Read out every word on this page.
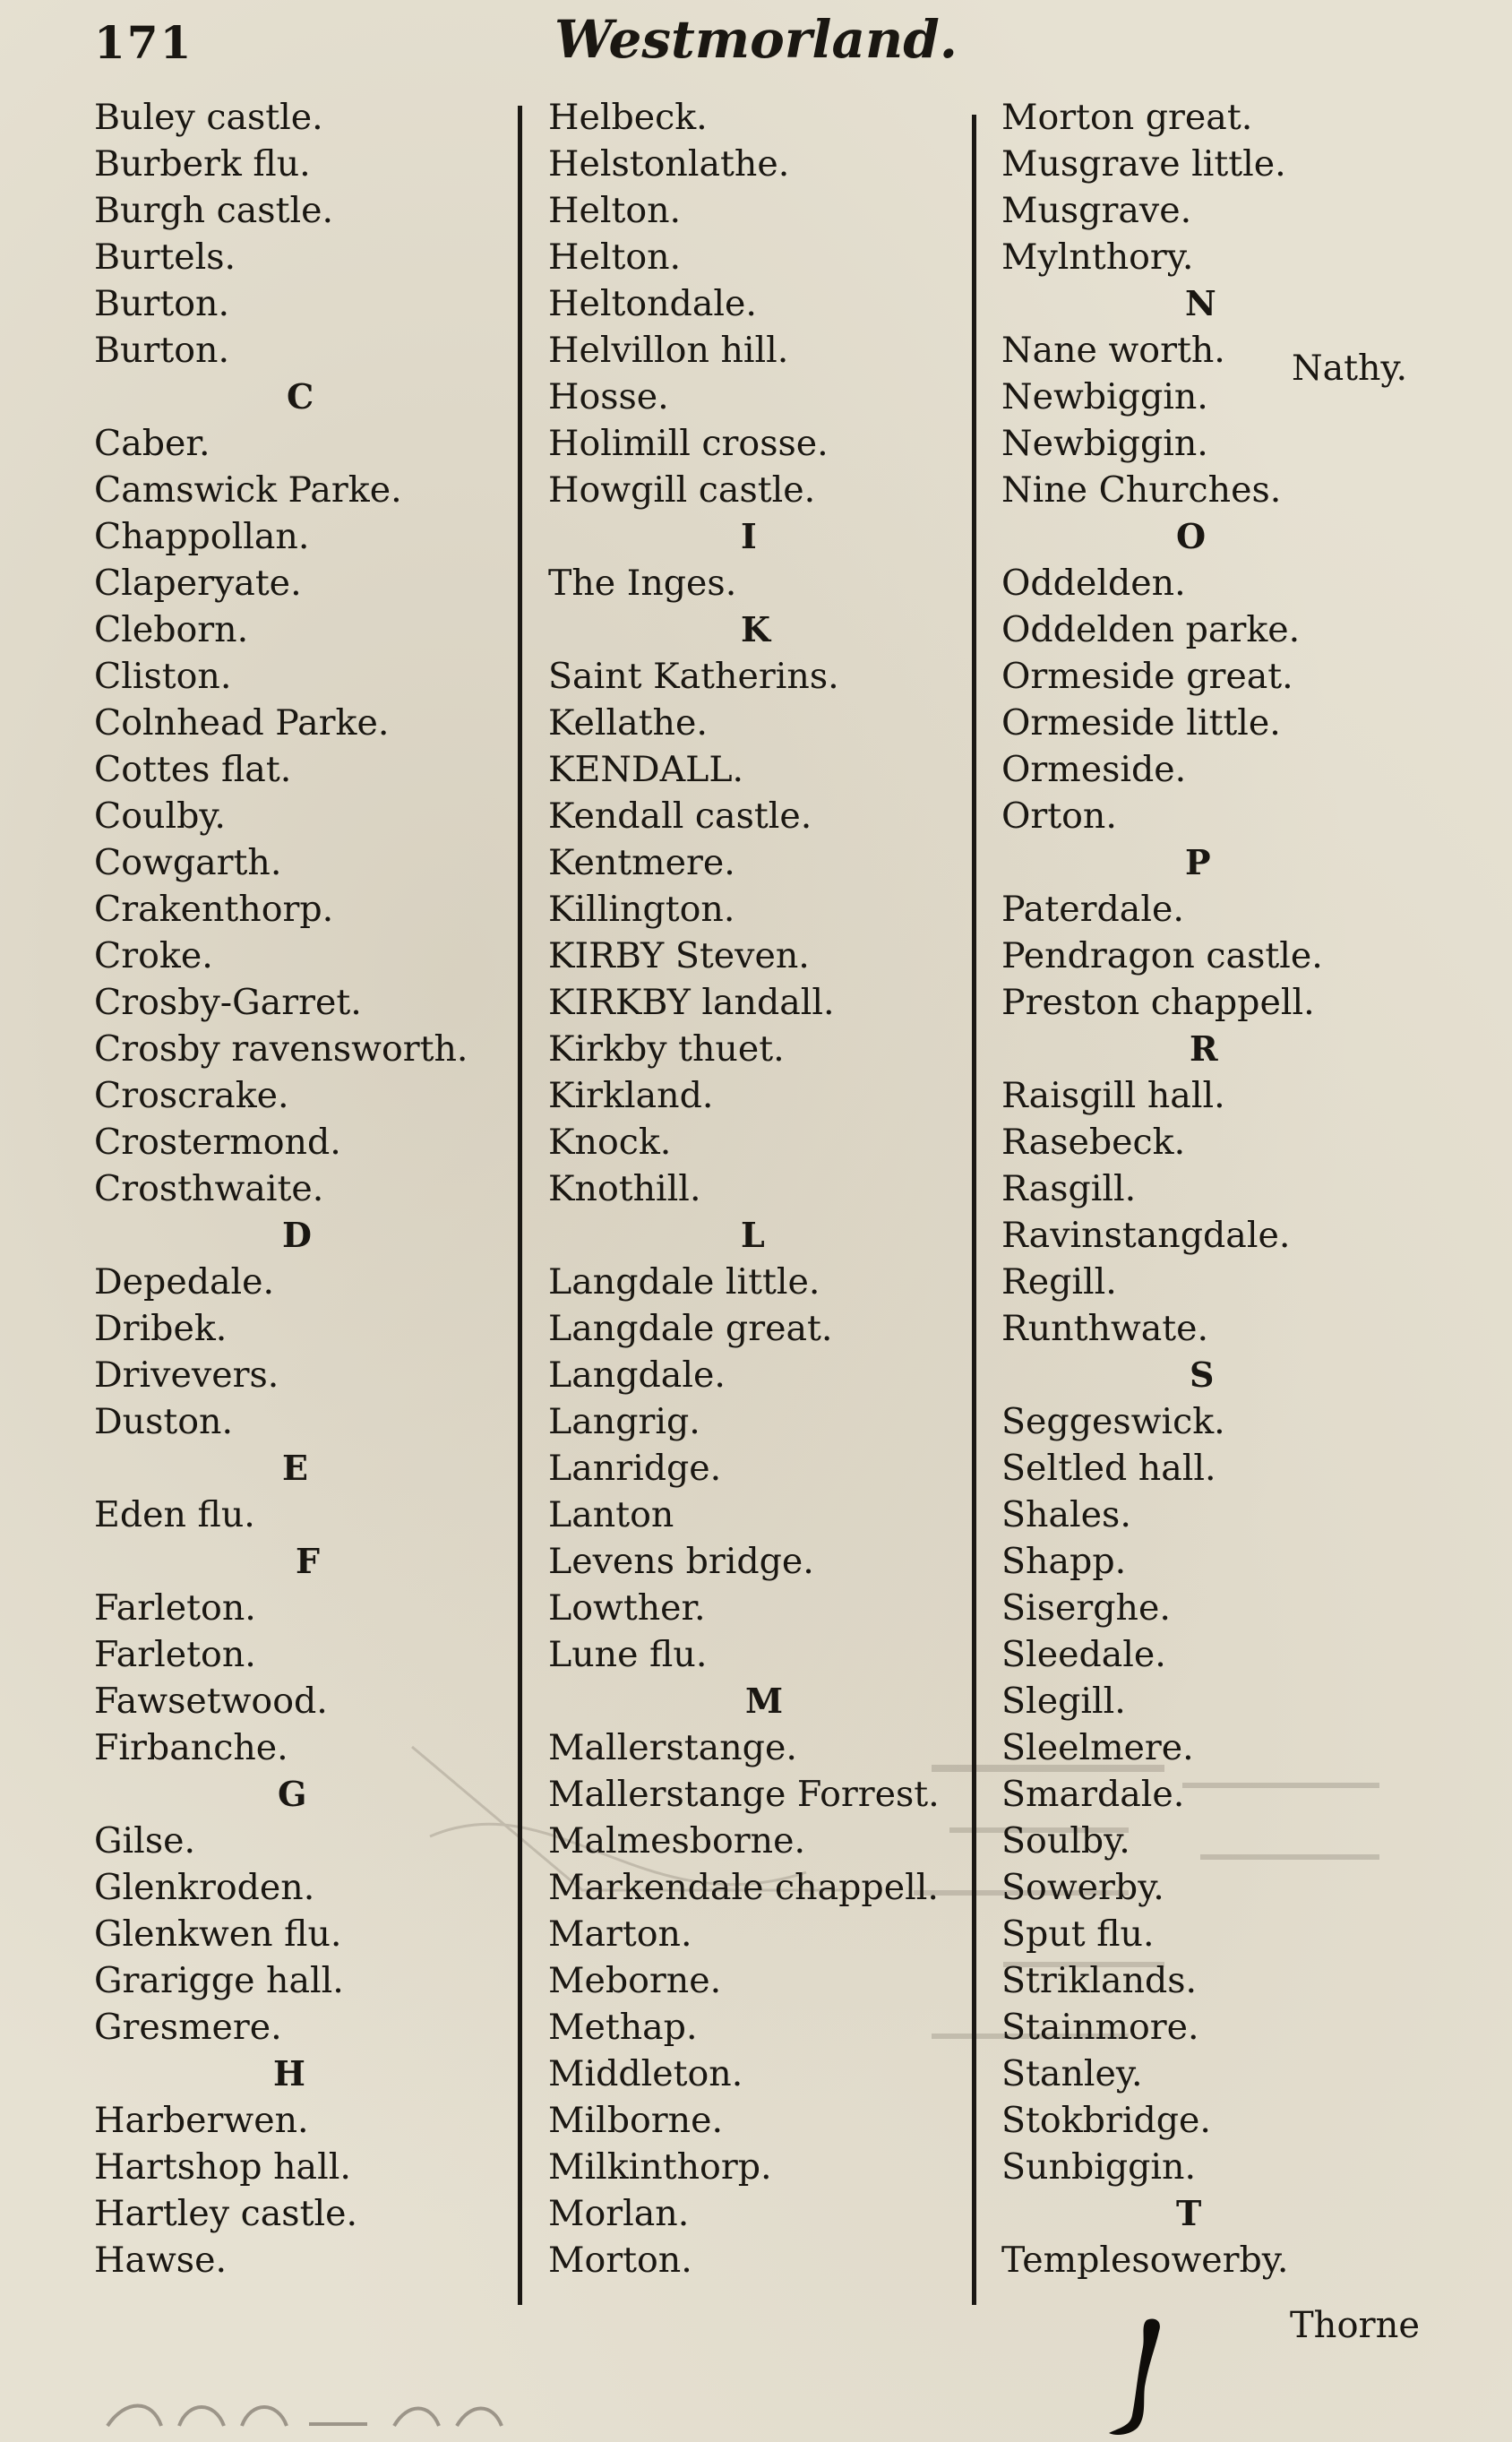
171	Westmorland.
Buley castle.
Burberk flu.
Burgh castle.
Burtels.
Burton.
Burton.
C
Caber.
Camswick Parke.
Chappollan.
Claperyate.
Cleborn.
Cliston.
Colnhead Parke.
Cottes flat.
Coulby.
Cowgarth.
Crakenthorp.
Croke.
Crosby-Garret.
Crosby ravensworth.
Croscrake.
Crostermond.
Crosthwaite.
D
Depedale.
Dribek.
Drivevers.
Duston.
E
Eden flu.
F
Farleton.
Farleton.
Fawsetwood.
Firbanche.
G
Gilse.
Glenkroden.
Glenkwen flu.
Grarigge hall.
Gresmere.
H
Harberwen.
Hartshop hall.
Hartley castle.
Hawse.
Helbeck.
Helstonlathe.
Helton.
Helton.
Heltondale.
Helvillon hill.
Hosse.
Holimill crosse.
Howgill castle.
I
The Inges.
K
Saint Katherins.
Kellathe.
KENDALL.
Kendall castle.
Kentmere.
Killington.
KIRBY Steven.
KIRKBY landall.
Kirkby thuet.
Kirkland.
Knock.
Knothill.
L
Langdale little.
Langdale great.
Langdale.
Langrig.
Lanridge.
Lanton
Levens bridge.
Lowther.
Lune flu.
M
Mallerstange.
Mallerstange Forrest.
Malmesborne.
Markendale chappell.
Marton.
Meborne.
Methap.
Middleton.
Milborne.
Milkinthorp.
Morlan.
Morton.
Morton great.
Musgrave little.
Musgrave.
Mylnthory.
N
Nane worth.
Newbiggin.
Newbiggin.
Nine Churches.
O
Oddelden.
Oddelden parke.
Ormeside great.
Ormeside little.
Ormeside.
Orton.
P
Paterdale.
Pendragon castle.
Preston chappell.
R
Raisgill hall.
Rasebeck.
Rasgill.
Ravinstangdale.
Regill.
Runthwate.
S
Seggeswick.
Seltled hall.
Shales.
Shapp.
Siserghe.
Sleedale.
Slegill.
Sleelmere.
Smardale.
Soulby.
Sowerby.
Sput flu.
Striklands.
Stainmore.
Stanley.
Stokbridge.
Sunbiggin.
T
Templesowerby.
Nathy.
Thorne
